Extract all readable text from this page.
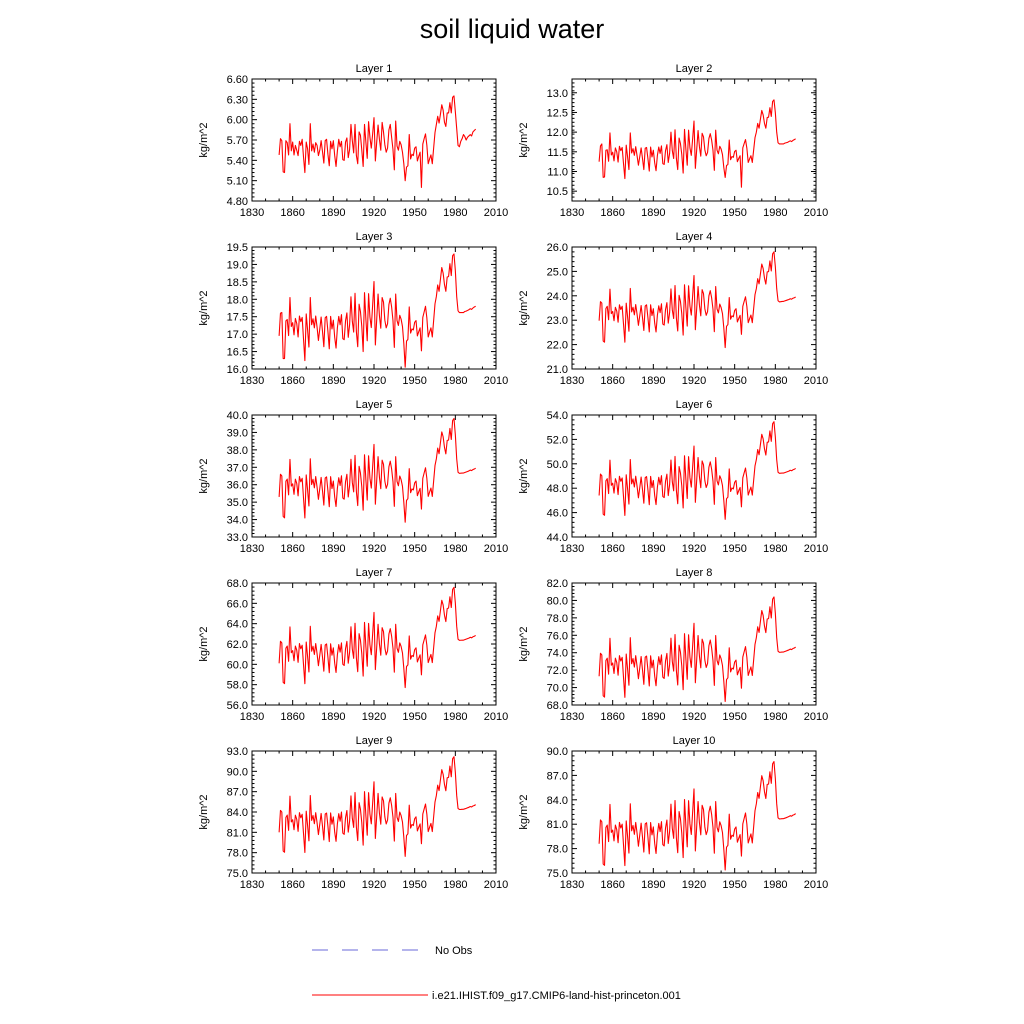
soil liquid water
Layer 1
1830 1860 1890 1920 1950 1980 2010
4.80
5.10
5.40
5.70
6.00
6.30
6.60
kg/m^2
Layer 2
1830 1860 1890 1920 1950 1980 2010
10.5
11.0
11.5
12.0
12.5
13.0
kg/m^2
Layer 3
1830 1860 1890 1920 1950 1980 2010
16.0
16.5
17.0
17.5
18.0
18.5
19.0
19.5
kg/m^2
Layer 4
1830 1860 1890 1920 1950 1980 2010
21.0
22.0
23.0
24.0
25.0
26.0
kg/m^2
Layer 5
1830 1860 1890 1920 1950 1980 2010
33.0
34.0
35.0
36.0
37.0
38.0
39.0
40.0
kg/m^2
Layer 6
1830 1860 1890 1920 1950 1980 2010
44.0
46.0
48.0
50.0
52.0
54.0
kg/m^2
Layer 7
1830 1860 1890 1920 1950 1980 2010
56.0
58.0
60.0
62.0
64.0
66.0
68.0
kg/m^2
Layer 8
1830 1860 1890 1920 1950 1980 2010
68.0
70.0
72.0
74.0
76.0
78.0
80.0
82.0
kg/m^2
Layer 9
1830 1860 1890 1920 1950 1980 2010
75.0
78.0
81.0
84.0
87.0
90.0
93.0
kg/m^2
Layer 10
1830 1860 1890 1920 1950 1980 2010
75.0
78.0
81.0
84.0
87.0
90.0
kg/m^2
No Obs
i.e21.IHIST.f09_g17.CMIP6-land-hist-princeton.001
